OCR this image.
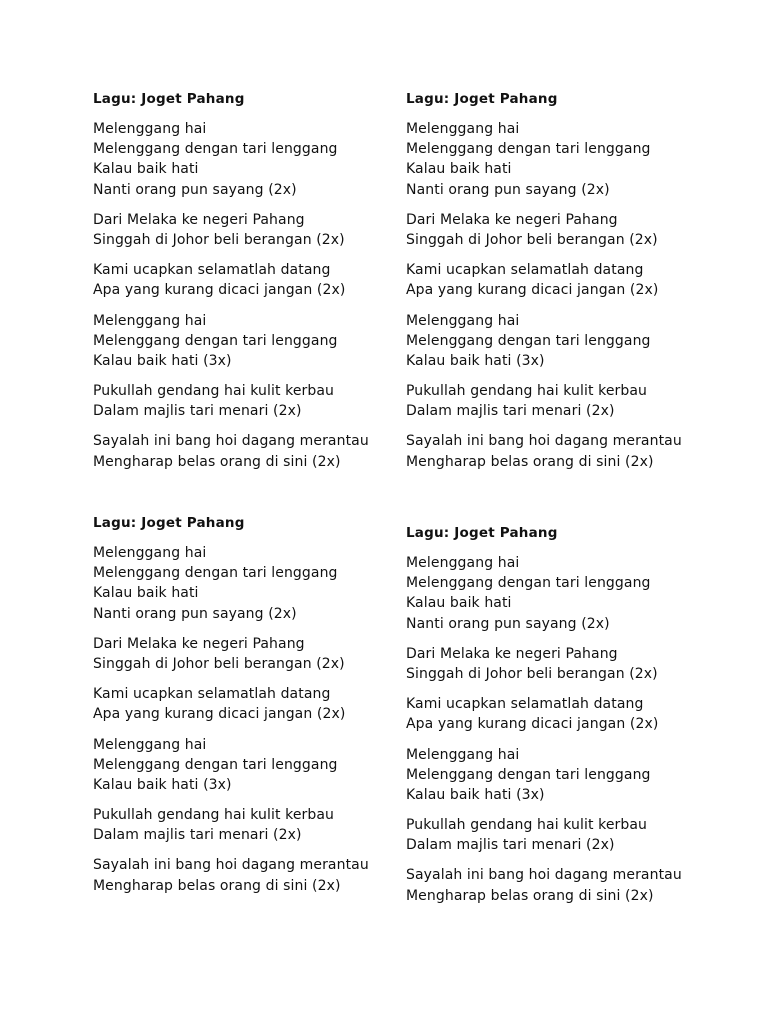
Lagu: Joget Pahang
Melenggang hai
Melenggang dengan tari lenggang
Kalau baik hati
Nanti orang pun sayang (2x)
Dari Melaka ke negeri Pahang
Singgah di Johor beli berangan (2x)
Kami ucapkan selamatlah datang
Apa yang kurang dicaci jangan (2x)
Melenggang hai
Melenggang dengan tari lenggang
Kalau baik hati (3x)
Pukullah gendang hai kulit kerbau
Dalam majlis tari menari (2x)
Sayalah ini bang hoi dagang merantau
Mengharap belas orang di sini (2x)
Lagu: Joget Pahang
Melenggang hai
Melenggang dengan tari lenggang
Kalau baik hati
Nanti orang pun sayang (2x)
Dari Melaka ke negeri Pahang
Singgah di Johor beli berangan (2x)
Kami ucapkan selamatlah datang
Apa yang kurang dicaci jangan (2x)
Melenggang hai
Melenggang dengan tari lenggang
Kalau baik hati (3x)
Pukullah gendang hai kulit kerbau
Dalam majlis tari menari (2x)
Sayalah ini bang hoi dagang merantau
Mengharap belas orang di sini (2x)
Lagu: Joget Pahang
Melenggang hai
Melenggang dengan tari lenggang
Kalau baik hati
Nanti orang pun sayang (2x)
Dari Melaka ke negeri Pahang
Singgah di Johor beli berangan (2x)
Kami ucapkan selamatlah datang
Apa yang kurang dicaci jangan (2x)
Melenggang hai
Melenggang dengan tari lenggang
Kalau baik hati (3x)
Pukullah gendang hai kulit kerbau
Dalam majlis tari menari (2x)
Sayalah ini bang hoi dagang merantau
Mengharap belas orang di sini (2x)
Lagu: Joget Pahang
Melenggang hai
Melenggang dengan tari lenggang
Kalau baik hati
Nanti orang pun sayang (2x)
Dari Melaka ke negeri Pahang
Singgah di Johor beli berangan (2x)
Kami ucapkan selamatlah datang
Apa yang kurang dicaci jangan (2x)
Melenggang hai
Melenggang dengan tari lenggang
Kalau baik hati (3x)
Pukullah gendang hai kulit kerbau
Dalam majlis tari menari (2x)
Sayalah ini bang hoi dagang merantau
Mengharap belas orang di sini (2x)
